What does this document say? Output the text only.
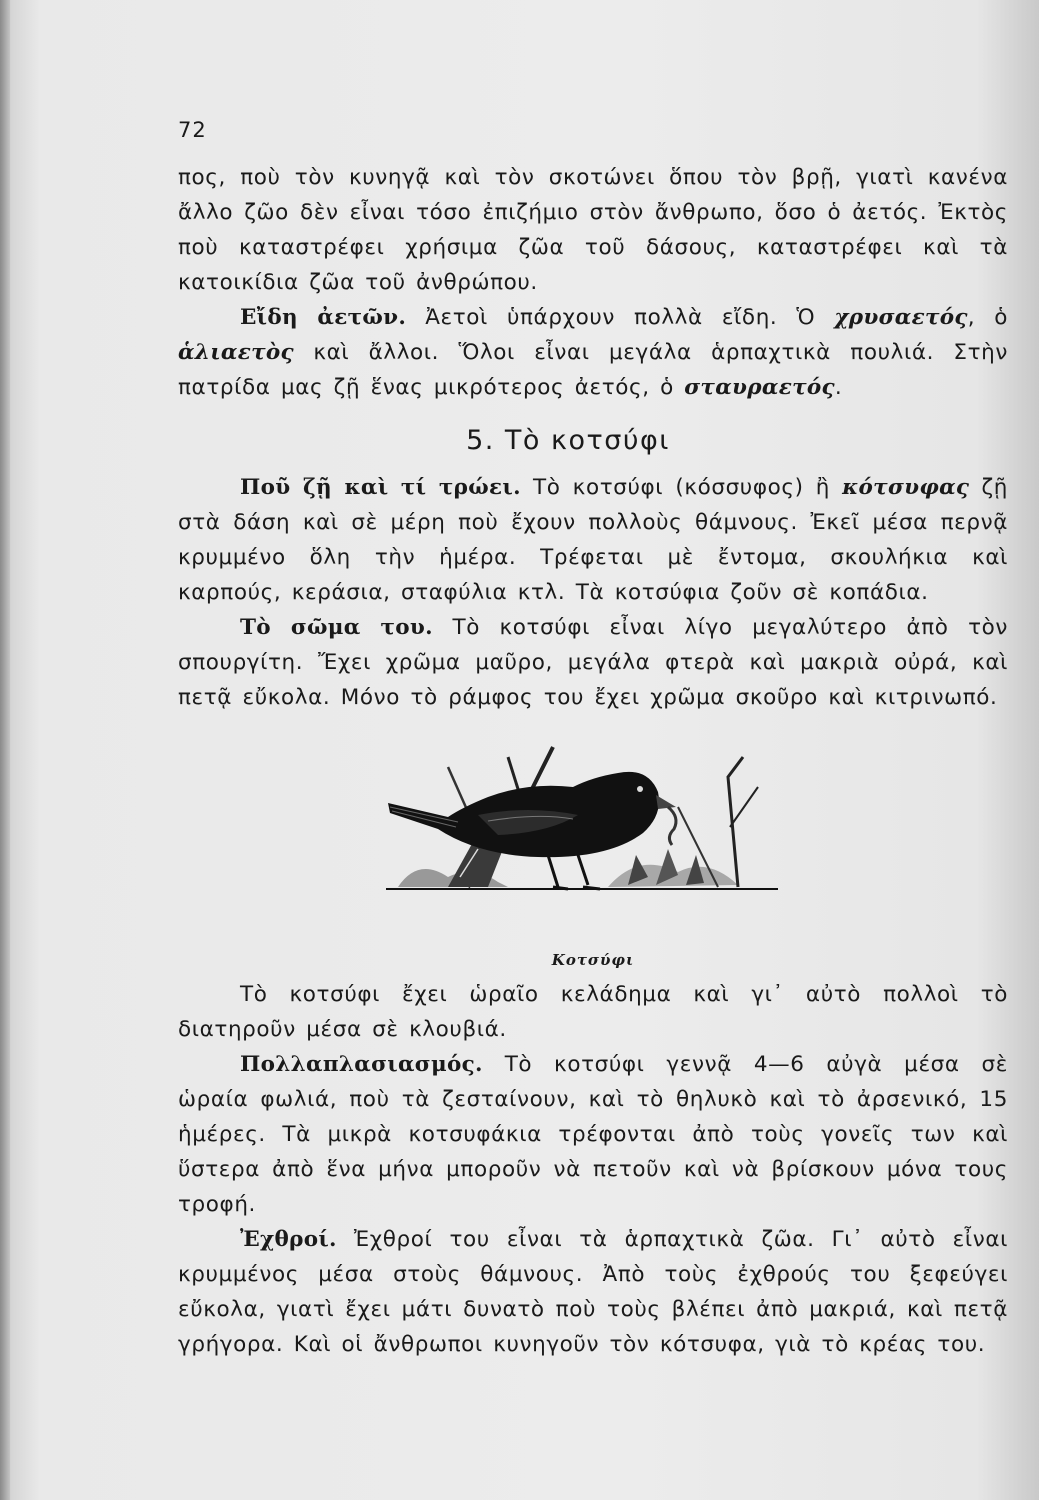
72

πος, ποὺ τὸν κυνηγᾷ καὶ τὸν σκοτώνει ὅπου τὸν βρῇ, γιατὶ κανένα ἄλλο ζῶο δὲν εἶναι τόσο ἐπιζήμιο στὸν ἄνθρωπο, ὅσο ὁ ἀετός. Ἐκτὸς ποὺ καταστρέφει χρήσιμα ζῶα τοῦ δάσους, καταστρέφει καὶ τὰ κατοικίδια ζῶα τοῦ ἀνθρώπου.

Εἴδη ἀετῶν. Ἀετοὶ ὑπάρχουν πολλὰ εἴδη. Ὁ χρυσαετός, ὁ ἁλιαετὸς καὶ ἄλλοι. Ὅλοι εἶναι μεγάλα ἁρπαχτικὰ πουλιά. Στὴν πατρίδα μας ζῇ ἕνας μικρότερος ἀετός, ὁ σταυραετός.

5. Τὸ κοτσύφι

Ποῦ ζῇ καὶ τί τρώει. Τὸ κοτσύφι (κόσσυφος) ἢ κότσυφας ζῇ στὰ δάση καὶ σὲ μέρη ποὺ ἔχουν πολλοὺς θάμνους. Ἐκεῖ μέσα περνᾷ κρυμμένο ὅλη τὴν ἡμέρα. Τρέφεται μὲ ἔντομα, σκουλήκια καὶ καρπούς, κεράσια, σταφύλια κτλ. Τὰ κοτσύφια ζοῦν σὲ κοπάδια.

Τὸ σῶμα του. Τὸ κοτσύφι εἶναι λίγο μεγαλύτερο ἀπὸ τὸν σπουργίτη. Ἔχει χρῶμα μαῦρο, μεγάλα φτερὰ καὶ μακριὰ οὐρά, καὶ πετᾷ εὔκολα. Μόνο τὸ ράμφος του ἔχει χρῶμα σκοῦρο καὶ κιτρινωπό.

Κοτσύφι

Τὸ κοτσύφι ἔχει ὡραῖο κελάδημα καὶ γι᾽ αὐτὸ πολλοὶ τὸ διατηροῦν μέσα σὲ κλουβιά.

Πολλαπλασιασμός. Τὸ κοτσύφι γεννᾷ 4—6 αὐγὰ μέσα σὲ ὡραία φωλιά, ποὺ τὰ ζεσταίνουν, καὶ τὸ θηλυκὸ καὶ τὸ ἀρσενικό, 15 ἡμέρες. Τὰ μικρὰ κοτσυφάκια τρέφονται ἀπὸ τοὺς γονεῖς των καὶ ὕστερα ἀπὸ ἕνα μήνα μποροῦν νὰ πετοῦν καὶ νὰ βρίσκουν μόνα τους τροφή.

Ἐχθροί. Ἐχθροί του εἶναι τὰ ἁρπαχτικὰ ζῶα. Γι᾽ αὐτὸ εἶναι κρυμμένος μέσα στοὺς θάμνους. Ἀπὸ τοὺς ἐχθρούς του ξεφεύγει εὔκολα, γιατὶ ἔχει μάτι δυνατὸ ποὺ τοὺς βλέπει ἀπὸ μακριά, καὶ πετᾷ γρήγορα. Καὶ οἱ ἄνθρωποι κυνηγοῦν τὸν κότσυφα, γιὰ τὸ κρέας του.
